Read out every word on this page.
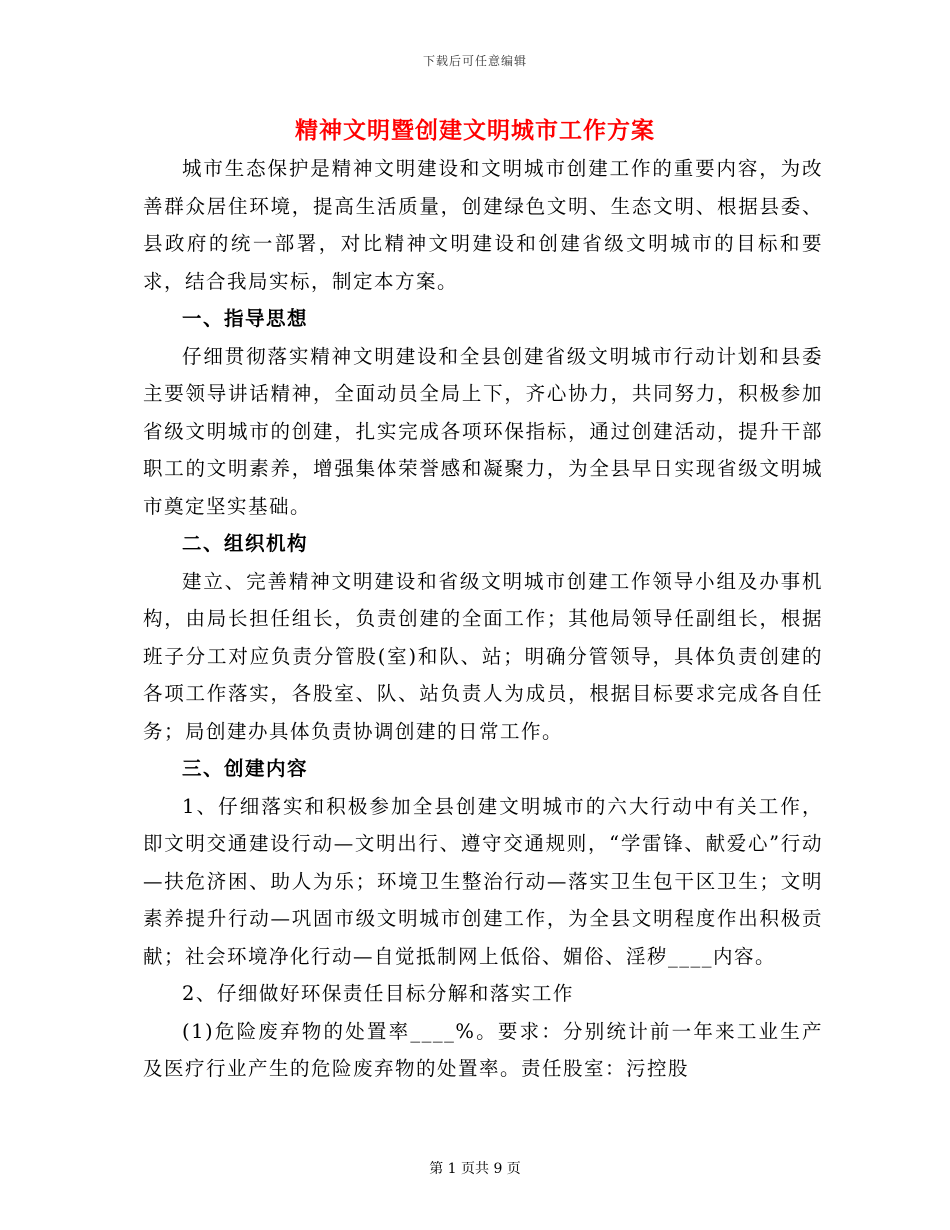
下载后可任意编辑
精神文明暨创建文明城市工作方案

城市生态保护是精神文明建设和文明城市创建工作的重要内容，为改善群众居住环境，提高生活质量，创建绿色文明、生态文明、根据县委、县政府的统一部署，对比精神文明建设和创建省级文明城市的目标和要求，结合我局实标，制定本方案。

一、指导思想

仔细贯彻落实精神文明建设和全县创建省级文明城市行动计划和县委主要领导讲话精神，全面动员全局上下，齐心协力，共同努力，积极参加省级文明城市的创建，扎实完成各项环保指标，通过创建活动，提升干部职工的文明素养，增强集体荣誉感和凝聚力，为全县早日实现省级文明城市奠定坚实基础。

二、组织机构

建立、完善精神文明建设和省级文明城市创建工作领导小组及办事机构，由局长担任组长，负责创建的全面工作；其他局领导任副组长，根据班子分工对应负责分管股(室)和队、站；明确分管领导，具体负责创建的各项工作落实，各股室、队、站负责人为成员，根据目标要求完成各自任务；局创建办具体负责协调创建的日常工作。

三、创建内容

1、仔细落实和积极参加全县创建文明城市的六大行动中有关工作，即文明交通建设行动—文明出行、遵守交通规则，“学雷锋、献爱心”行动—扶危济困、助人为乐；环境卫生整治行动—落实卫生包干区卫生；文明素养提升行动—巩固市级文明城市创建工作，为全县文明程度作出积极贡献；社会环境净化行动—自觉抵制网上低俗、媚俗、淫秽____内容。

2、仔细做好环保责任目标分解和落实工作

(1)危险废弃物的处置率____%。要求：分别统计前一年来工业生产及医疗行业产生的危险废弃物的处置率。责任股室：污控股

第 1 页共 9 页
